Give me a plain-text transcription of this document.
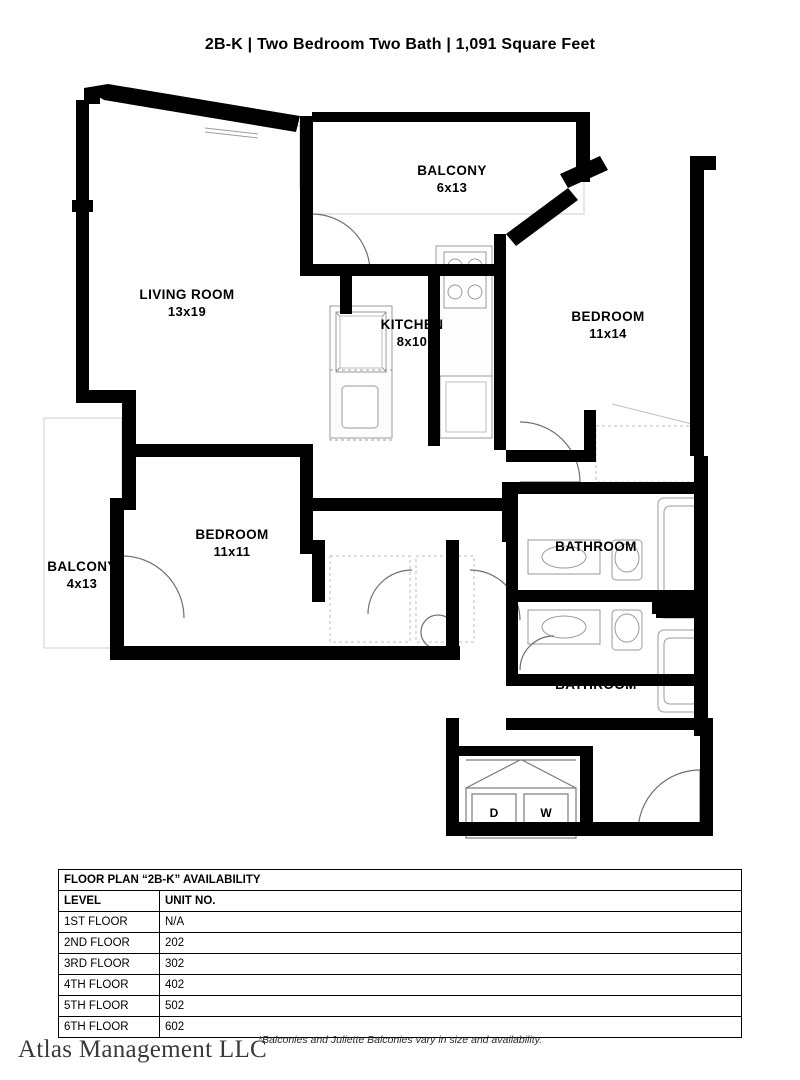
2B-K | Two Bedroom Two Bath | 1,091 Square Feet

BALCONY

6x13

LIVING ROOM

13x19

KITCHEN

8x10

BEDROOM

11x14

BEDROOM

11x11

BALCONY

4x13

BATHROOM

BATHROOM

D	W
FLOOR PLAN “2B-K” AVAILABILITY	
LEVEL	UNIT NO.
1ST FLOOR	N/A
2ND FLOOR	202
3RD FLOOR	302
4TH FLOOR	402
5TH FLOOR	502
6TH FLOOR	602
*Balconies and Juliette Balconies vary in size and availability.
Atlas Management LLC
